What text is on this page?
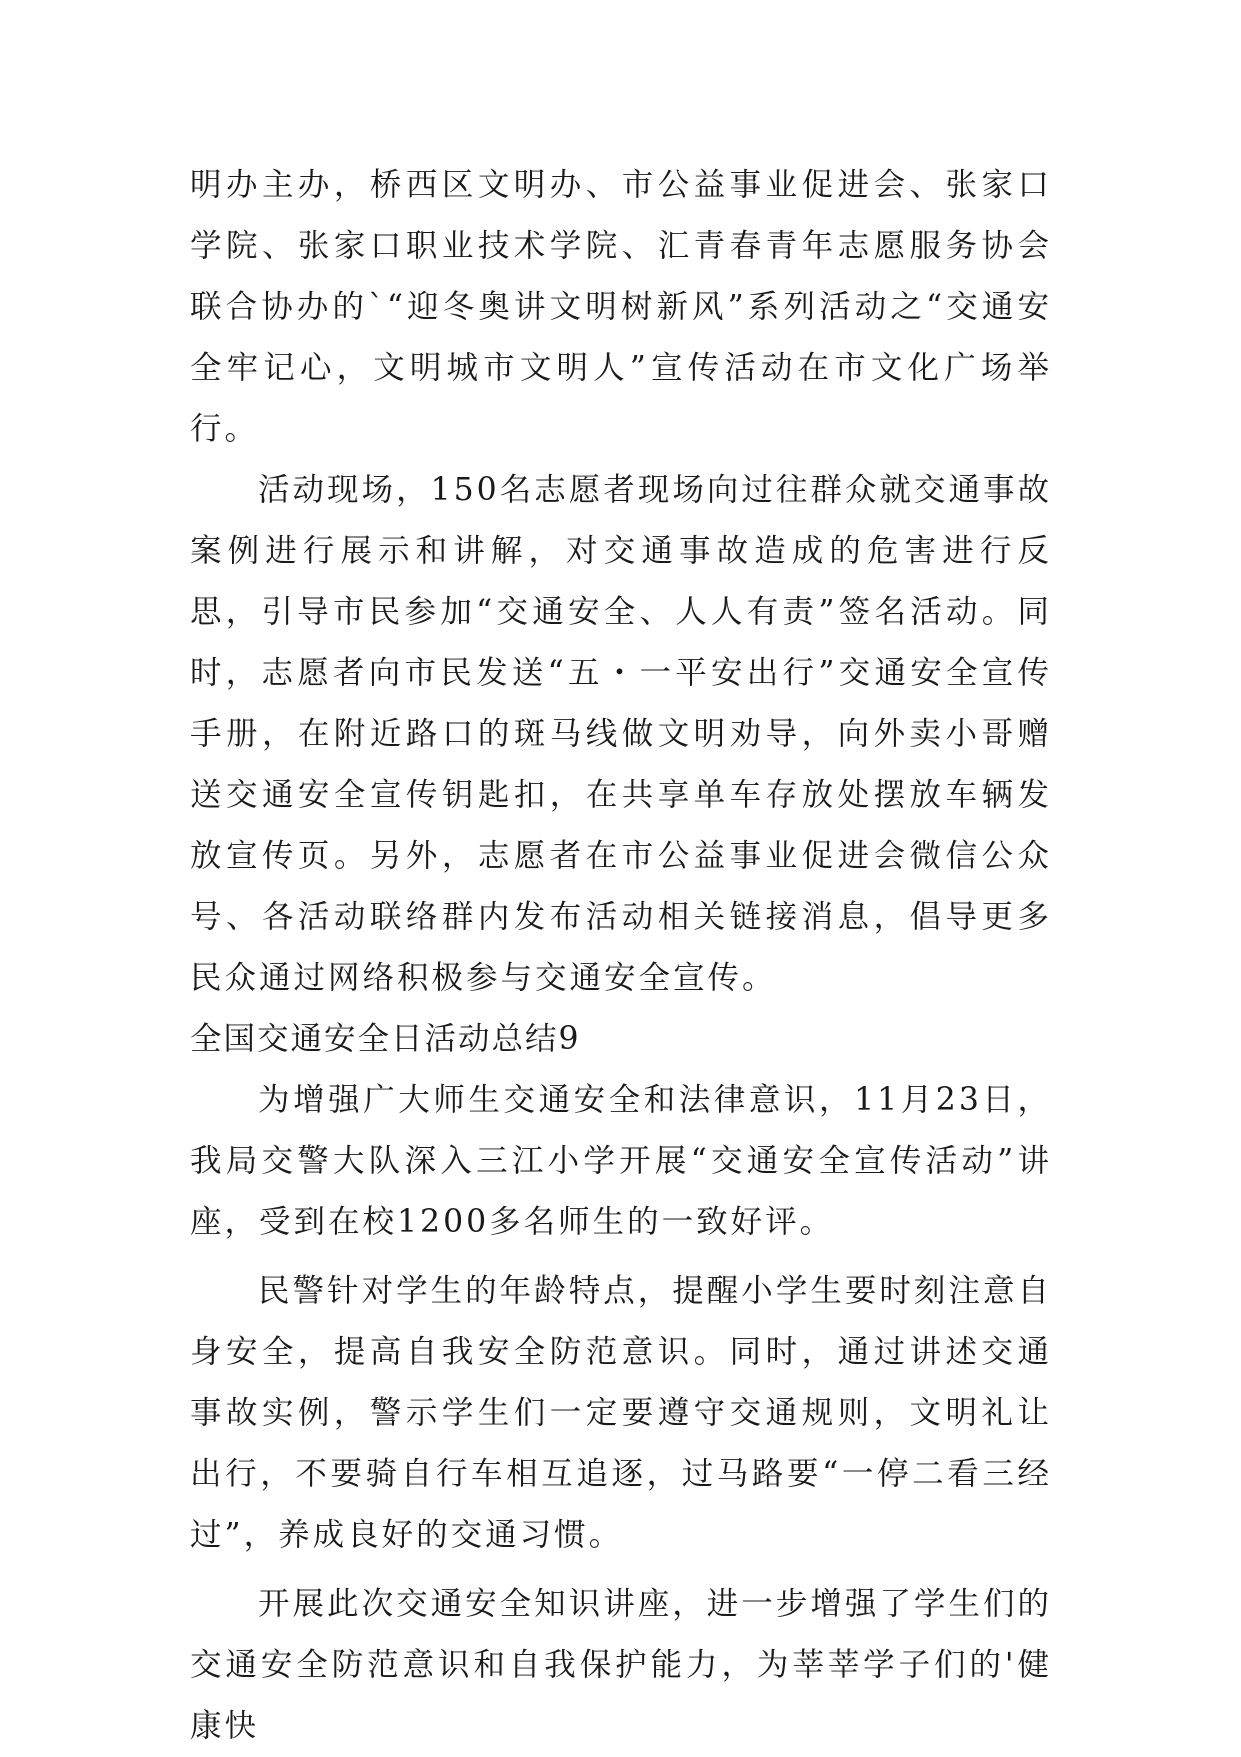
明办主办，桥西区文明办、市公益事业促进会、张家口学院、张家口职业技术学院、汇青春青年志愿服务协会联合协办的`“迎冬奥讲文明树新风”系列活动之“交通安全牢记心，文明城市文明人”宣传活动在市文化广场举行。

活动现场，150名志愿者现场向过往群众就交通事故案例进行展示和讲解，对交通事故造成的危害进行反思，引导市民参加“交通安全、人人有责”签名活动。同时，志愿者向市民发送“五・一平安出行”交通安全宣传手册，在附近路口的斑马线做文明劝导，向外卖小哥赠送交通安全宣传钥匙扣，在共享单车存放处摆放车辆发放宣传页。另外，志愿者在市公益事业促进会微信公众号、各活动联络群内发布活动相关链接消息，倡导更多民众通过网络积极参与交通安全宣传。

全国交通安全日活动总结9

为增强广大师生交通安全和法律意识，11月23日，我局交警大队深入三江小学开展“交通安全宣传活动”讲座，受到在校1200多名师生的一致好评。

民警针对学生的年龄特点，提醒小学生要时刻注意自身安全，提高自我安全防范意识。同时，通过讲述交通事故实例，警示学生们一定要遵守交通规则，文明礼让出行，不要骑自行车相互追逐，过马路要“一停二看三经过”，养成良好的交通习惯。

开展此次交通安全知识讲座，进一步增强了学生们的交通安全防范意识和自我保护能力，为莘莘学子们的'健康快
